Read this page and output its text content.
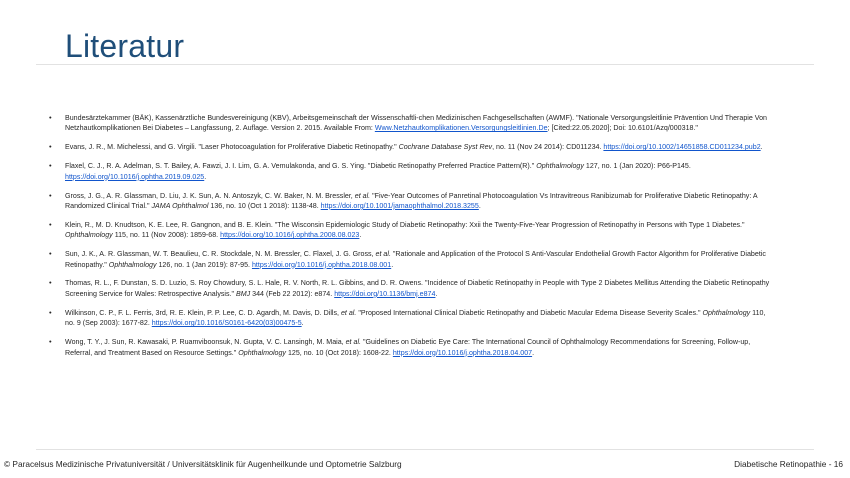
Literatur
• Bundesärztekammer (BÄK), Kassenärztliche Bundesvereinigung (KBV), Arbeitsgemeinschaft der Wissenschaftli-chen Medizinischen Fachgesellschaften (AWMF). "Nationale Versorgungsleitlinie Prävention Und Therapie Von Netzhautkomplikationen Bei Diabetes – Langfassung, 2. Auflage. Version 2. 2015. Available From: Www.Netzhautkomplikationen.Versorgungsleitlinien.De; [Cited:22.05.2020]; Doi: 10.6101/Azq/000318."
• Evans, J. R., M. Michelessi, and G. Virgili. "Laser Photocoagulation for Proliferative Diabetic Retinopathy." Cochrane Database Syst Rev, no. 11 (Nov 24 2014): CD011234. https://doi.org/10.1002/14651858.CD011234.pub2.
• Flaxel, C. J., R. A. Adelman, S. T. Bailey, A. Fawzi, J. I. Lim, G. A. Vemulakonda, and G. S. Ying. "Diabetic Retinopathy Preferred Practice Pattern(R)." Ophthalmology 127, no. 1 (Jan 2020): P66-P145. https://doi.org/10.1016/j.ophtha.2019.09.025.
• Gross, J. G., A. R. Glassman, D. Liu, J. K. Sun, A. N. Antoszyk, C. W. Baker, N. M. Bressler, et al. "Five-Year Outcomes of Panretinal Photocoagulation Vs Intravitreous Ranibizumab for Proliferative Diabetic Retinopathy: A Randomized Clinical Trial." JAMA Ophthalmol 136, no. 10 (Oct 1 2018): 1138-48. https://doi.org/10.1001/jamaophthalmol.2018.3255.
• Klein, R., M. D. Knudtson, K. E. Lee, R. Gangnon, and B. E. Klein. "The Wisconsin Epidemiologic Study of Diabetic Retinopathy: Xxii the Twenty-Five-Year Progression of Retinopathy in Persons with Type 1 Diabetes." Ophthalmology 115, no. 11 (Nov 2008): 1859-68. https://doi.org/10.1016/j.ophtha.2008.08.023.
• Sun, J. K., A. R. Glassman, W. T. Beaulieu, C. R. Stockdale, N. M. Bressler, C. Flaxel, J. G. Gross, et al. "Rationale and Application of the Protocol S Anti-Vascular Endothelial Growth Factor Algorithm for Proliferative Diabetic Retinopathy." Ophthalmology 126, no. 1 (Jan 2019): 87-95. https://doi.org/10.1016/j.ophtha.2018.08.001.
• Thomas, R. L., F. Dunstan, S. D. Luzio, S. Roy Chowdury, S. L. Hale, R. V. North, R. L. Gibbins, and D. R. Owens. "Incidence of Diabetic Retinopathy in People with Type 2 Diabetes Mellitus Attending the Diabetic Retinopathy Screening Service for Wales: Retrospective Analysis." BMJ 344 (Feb 22 2012): e874. https://doi.org/10.1136/bmj.e874.
• Wilkinson, C. P., F. L. Ferris, 3rd, R. E. Klein, P. P. Lee, C. D. Agardh, M. Davis, D. Dills, et al. "Proposed International Clinical Diabetic Retinopathy and Diabetic Macular Edema Disease Severity Scales." Ophthalmology 110, no. 9 (Sep 2003): 1677-82. https://doi.org/10.1016/S0161-6420(03)00475-5.
• Wong, T. Y., J. Sun, R. Kawasaki, P. Ruamviboonsuk, N. Gupta, V. C. Lansingh, M. Maia, et al. "Guidelines on Diabetic Eye Care: The International Council of Ophthalmology Recommendations for Screening, Follow-up, Referral, and Treatment Based on Resource Settings." Ophthalmology 125, no. 10 (Oct 2018): 1608-22. https://doi.org/10.1016/j.ophtha.2018.04.007.
© Paracelsus Medizinische Privatuniversität / Universitätsklinik für Augenheilkunde und Optometrie Salzburg	Diabetische Retinopathie - 16
